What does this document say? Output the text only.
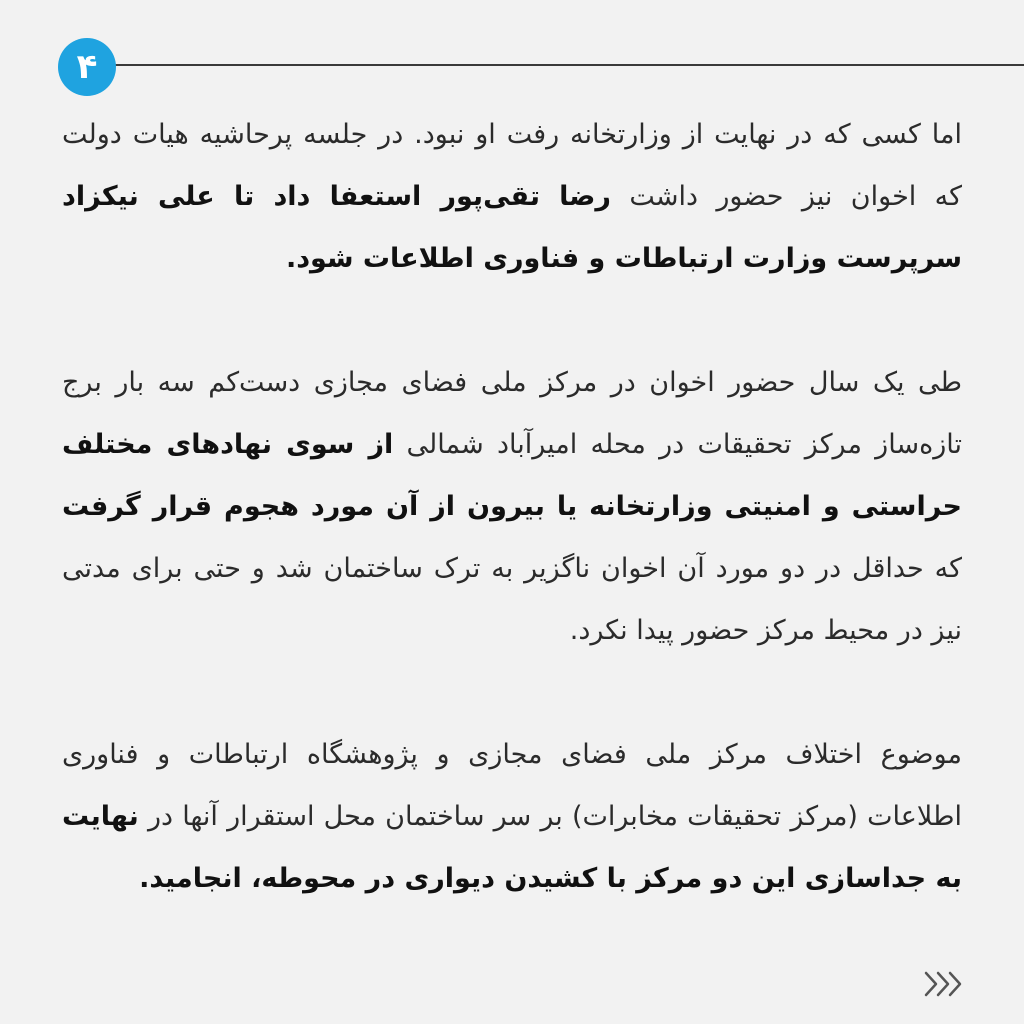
۴

اما کسی که در نهایت از وزارتخانه رفت او نبود. در جلسه پرحاشیه هیات دولت که اخوان نیز حضور داشت رضا تقی‌پور استعفا داد تا علی نیکزاد سرپرست وزارت ارتباطات و فناوری اطلاعات شود.

طی یک سال حضور اخوان در مرکز ملی فضای مجازی دست‌کم سه بار برج تازه‌ساز مرکز تحقیقات در محله امیرآباد شمالی از سوی نهادهای مختلف حراستی و امنیتی وزارتخانه یا بیرون از آن مورد هجوم قرار گرفت که حداقل در دو مورد آن اخوان ناگزیر به ترک ساختمان شد و حتی برای مدتی نیز در محیط مرکز حضور پیدا نکرد.

موضوع اختلاف مرکز ملی فضای مجازی و پژوهشگاه ارتباطات و فناوری اطلاعات (مرکز تحقیقات مخابرات) بر سر ساختمان محل استقرار آنها در نهایت به جداسازی این دو مرکز با کشیدن دیواری در محوطه، انجامید.
